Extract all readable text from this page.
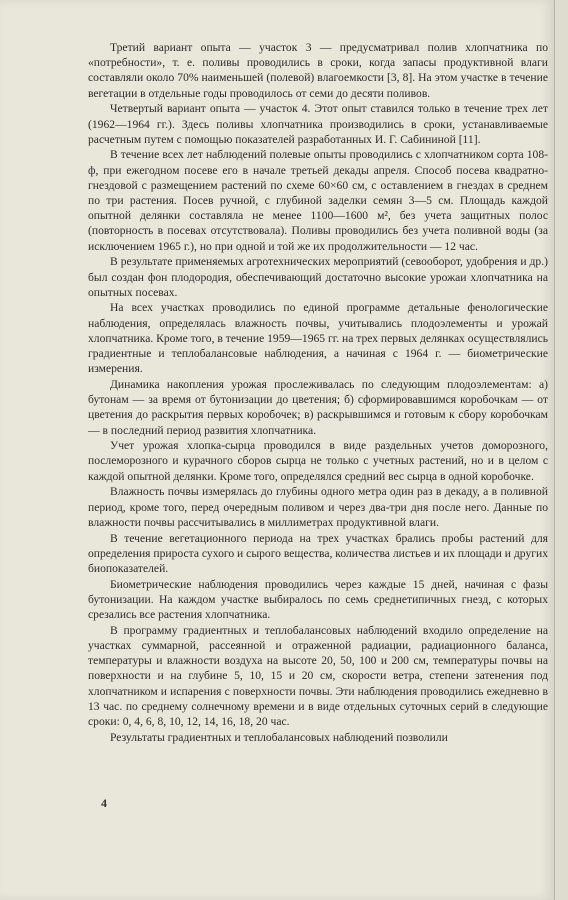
Третий вариант опыта — участок 3 — предусматривал полив хлопчатника по «потребности», т. е. поливы проводились в сроки, когда запасы продуктивной влаги составляли около 70% наименьшей (полевой) влагоемкости [3, 8]. На этом участке в течение вегетации в отдельные годы проводилось от семи до десяти поливов.

Четвертый вариант опыта — участок 4. Этот опыт ставился только в течение трех лет (1962—1964 гг.). Здесь поливы хлопчатника производились в сроки, устанавливаемые расчетным путем с помощью показателей разработанных И. Г. Сабининой [11].

В течение всех лет наблюдений полевые опыты проводились с хлопчатником сорта 108-ф, при ежегодном посеве его в начале третьей декады апреля. Способ посева квадратно-гнездовой с размещением растений по схеме 60×60 см, с оставлением в гнездах в среднем по три растения. Посев ручной, с глубиной заделки семян 3—5 см. Площадь каждой опытной делянки составляла не менее 1100—1600 м², без учета защитных полос (повторность в посевах отсутствовала). Поливы проводились без учета поливной воды (за исключением 1965 г.), но при одной и той же их продолжительности — 12 час.

В результате применяемых агротехнических мероприятий (севооборот, удобрения и др.) был создан фон плодородия, обеспечивающий достаточно высокие урожаи хлопчатника на опытных посевах.

На всех участках проводились по единой программе детальные фенологические наблюдения, определялась влажность почвы, учитывались плодоэлементы и урожай хлопчатника. Кроме того, в течение 1959—1965 гг. на трех первых делянках осуществлялись градиентные и теплобалансовые наблюдения, а начиная с 1964 г. — биометрические измерения.

Динамика накопления урожая прослеживалась по следующим плодоэлементам: а) бутонам — за время от бутонизации до цветения; б) сформировавшимся коробочкам — от цветения до раскрытия первых коробочек; в) раскрывшимся и готовым к сбору коробочкам — в последний период развития хлопчатника.

Учет урожая хлопка-сырца проводился в виде раздельных учетов доморозного, послеморозного и курачного сборов сырца не только с учетных растений, но и в целом с каждой опытной делянки. Кроме того, определялся средний вес сырца в одной коробочке.

Влажность почвы измерялась до глубины одного метра один раз в декаду, а в поливной период, кроме того, перед очередным поливом и через два-три дня после него. Данные по влажности почвы рассчитывались в миллиметрах продуктивной влаги.

В течение вегетационного периода на трех участках брались пробы растений для определения прироста сухого и сырого вещества, количества листьев и их площади и других биопоказателей.

Биометрические наблюдения проводились через каждые 15 дней, начиная с фазы бутонизации. На каждом участке выбиралось по семь среднетипичных гнезд, с которых срезались все растения хлопчатника.

В программу градиентных и теплобалансовых наблюдений входило определение на участках суммарной, рассеянной и отраженной радиации, радиационного баланса, температуры и влажности воздуха на высоте 20, 50, 100 и 200 см, температуры почвы на поверхности и на глубине 5, 10, 15 и 20 см, скорости ветра, степени затенения под хлопчатником и испарения с поверхности почвы. Эти наблюдения проводились ежедневно в 13 час. по среднему солнечному времени и в виде отдельных суточных серий в следующие сроки: 0, 4, 6, 8, 10, 12, 14, 16, 18, 20 час.

Результаты градиентных и теплобалансовых наблюдений позволили

4
